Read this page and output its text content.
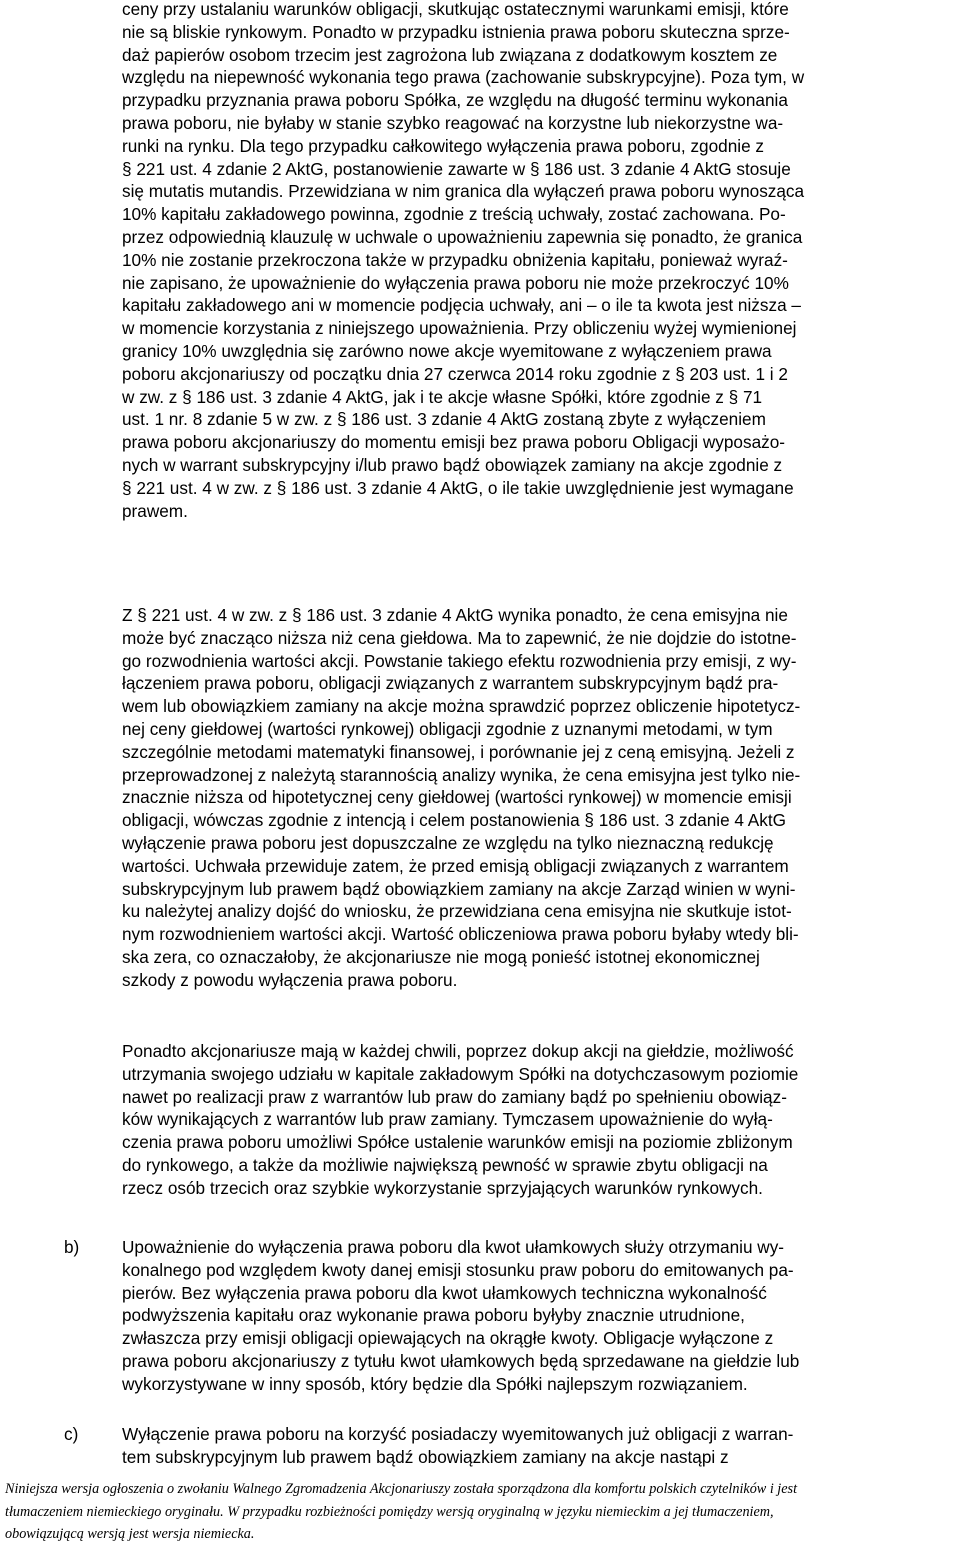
ceny przy ustalaniu warunków obligacji, skutkując ostatecznymi warunkami emisji, które
nie są bliskie rynkowym. Ponadto w przypadku istnienia prawa poboru skuteczna sprze-
daż papierów osobom trzecim jest zagrożona lub związana z dodatkowym kosztem ze
względu na niepewność wykonania tego prawa (zachowanie subskrypcyjne). Poza tym, w
przypadku przyznania prawa poboru Spółka, ze względu na długość terminu wykonania
prawa poboru, nie byłaby w stanie szybko reagować na korzystne lub niekorzystne wa-
runki na rynku. Dla tego przypadku całkowitego wyłączenia prawa poboru, zgodnie z
§ 221 ust. 4 zdanie 2 AktG, postanowienie zawarte w § 186 ust. 3 zdanie 4 AktG stosuje
się mutatis mutandis. Przewidziana w nim granica dla wyłączeń prawa poboru wynosząca
10% kapitału zakładowego powinna, zgodnie z treścią uchwały, zostać zachowana. Po-
przez odpowiednią klauzulę w uchwale o upoważnieniu zapewnia się ponadto, że granica
10% nie zostanie przekroczona także w przypadku obniżenia kapitału, ponieważ wyraź-
nie zapisano, że upoważnienie do wyłączenia prawa poboru nie może przekroczyć 10%
kapitału zakładowego ani w momencie podjęcia uchwały, ani – o ile ta kwota jest niższa –
w momencie korzystania z niniejszego upoważnienia. Przy obliczeniu wyżej wymienionej
granicy 10% uwzględnia się zarówno nowe akcje wyemitowane z wyłączeniem prawa
poboru akcjonariuszy od początku dnia 27 czerwca 2014 roku zgodnie z § 203 ust. 1 i 2
w zw. z § 186 ust. 3 zdanie 4 AktG, jak i te akcje własne Spółki, które zgodnie z § 71
ust. 1 nr. 8 zdanie 5 w zw. z § 186 ust. 3 zdanie 4 AktG zostaną zbyte z wyłączeniem
prawa poboru akcjonariuszy do momentu emisji bez prawa poboru Obligacji wyposażo-
nych w warrant subskrypcyjny i/lub prawo bądź obowiązek zamiany na akcje zgodnie z
§ 221 ust. 4 w zw. z § 186 ust. 3 zdanie 4 AktG, o ile takie uwzględnienie jest wymagane
prawem.
Z § 221 ust. 4 w zw. z § 186 ust. 3 zdanie 4 AktG wynika ponadto, że cena emisyjna nie
może być znacząco niższa niż cena giełdowa. Ma to zapewnić, że nie dojdzie do istotne-
go rozwodnienia wartości akcji. Powstanie takiego efektu rozwodnienia przy emisji, z wy-
łączeniem prawa poboru, obligacji związanych z warrantem subskrypcyjnym bądź pra-
wem lub obowiązkiem zamiany na akcje można sprawdzić poprzez obliczenie hipotetycz-
nej ceny giełdowej (wartości rynkowej) obligacji zgodnie z uznanymi metodami, w tym
szczególnie metodami matematyki finansowej, i porównanie jej z ceną emisyjną. Jeżeli z
przeprowadzonej z należytą starannością analizy wynika, że cena emisyjna jest tylko nie-
znacznie niższa od hipotetycznej ceny giełdowej (wartości rynkowej) w momencie emisji
obligacji, wówczas zgodnie z intencją i celem postanowienia § 186 ust. 3 zdanie 4 AktG
wyłączenie prawa poboru jest dopuszczalne ze względu na tylko nieznaczną redukcję
wartości. Uchwała przewiduje zatem, że przed emisją obligacji związanych z warrantem
subskrypcyjnym lub prawem bądź obowiązkiem zamiany na akcje Zarząd winien w wyni-
ku należytej analizy dojść do wniosku, że przewidziana cena emisyjna nie skutkuje istot-
nym rozwodnieniem wartości akcji. Wartość obliczeniowa prawa poboru byłaby wtedy bli-
ska zera, co oznaczałoby, że akcjonariusze nie mogą ponieść istotnej ekonomicznej
szkody z powodu wyłączenia prawa poboru.
Ponadto akcjonariusze mają w każdej chwili, poprzez dokup akcji na giełdzie, możliwość
utrzymania swojego udziału w kapitale zakładowym Spółki na dotychczasowym poziomie
nawet po realizacji praw z warrantów lub praw do zamiany bądź po spełnieniu obowiąz-
ków wynikających z warrantów lub praw zamiany. Tymczasem upoważnienie do wyłą-
czenia prawa poboru umożliwi Spółce ustalenie warunków emisji na poziomie zbliżonym
do rynkowego, a także da możliwie największą pewność w sprawie zbytu obligacji na
rzecz osób trzecich oraz szybkie wykorzystanie sprzyjających warunków rynkowych.
b) Upoważnienie do wyłączenia prawa poboru dla kwot ułamkowych służy otrzymaniu wy-
konalnego pod względem kwoty danej emisji stosunku praw poboru do emitowanych pa-
pierów. Bez wyłączenia prawa poboru dla kwot ułamkowych techniczna wykonalność
podwyższenia kapitału oraz wykonanie prawa poboru byłyby znacznie utrudnione,
zwłaszcza przy emisji obligacji opiewających na okrągłe kwoty. Obligacje wyłączone z
prawa poboru akcjonariuszy z tytułu kwot ułamkowych będą sprzedawane na giełdzie lub
wykorzystywane w inny sposób, który będzie dla Spółki najlepszym rozwiązaniem.
c)	Wyłączenie prawa poboru na korzyść posiadaczy wyemitowanych już obligacji z warran-
tem subskrypcyjnym lub prawem bądź obowiązkiem zamiany na akcje nastąpi z
Niniejsza wersja ogłoszenia o zwołaniu Walnego Zgromadzenia Akcjonariuszy została sporządzona dla komfortu polskich czytelników i jest
tłumaczeniem niemieckiego oryginału. W przypadku rozbieżności pomiędzy wersją oryginalną w języku niemieckim a jej tłumaczeniem,
obowiązującą wersją jest wersja niemiecka.
